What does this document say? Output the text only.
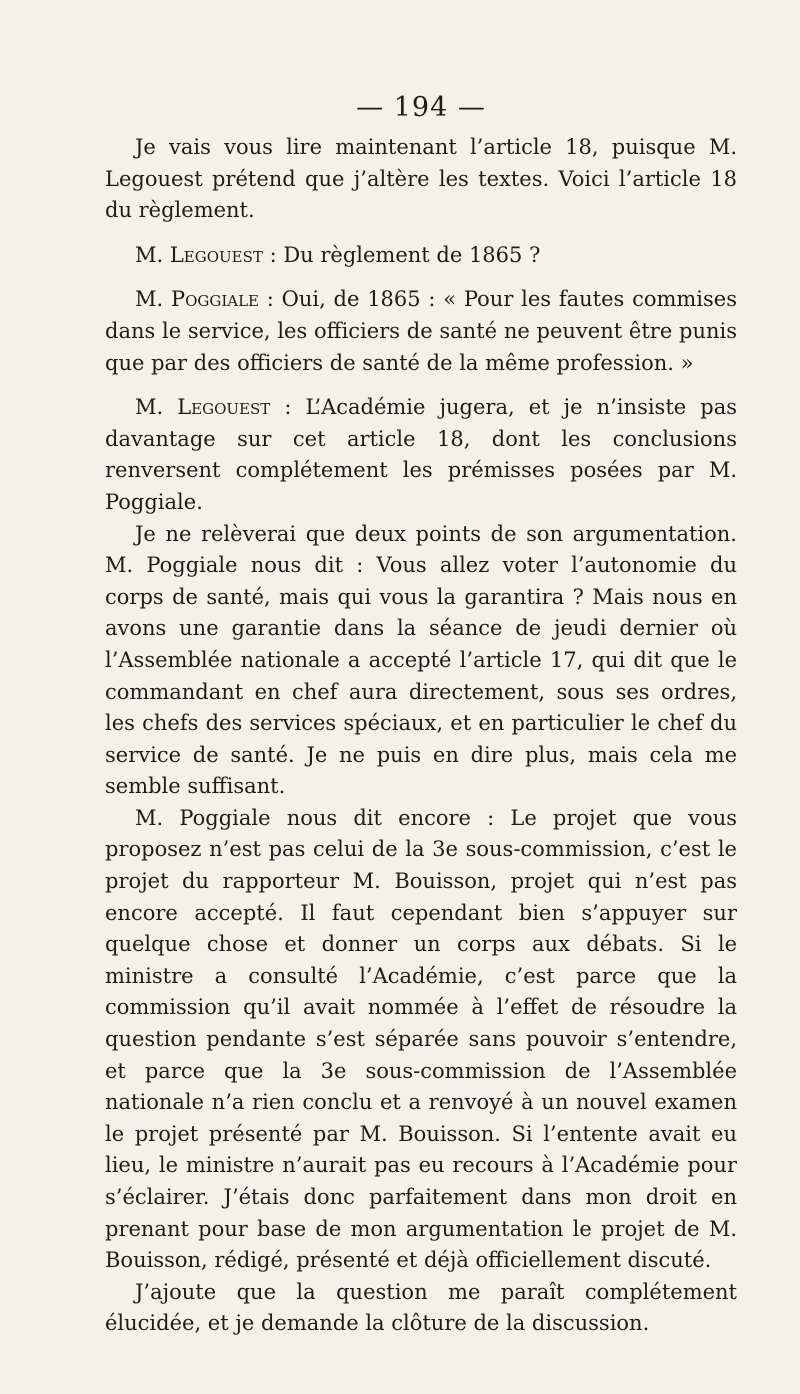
— 194 —

Je vais vous lire maintenant l’article 18, puisque M. Legouest prétend que j’altère les textes. Voici l’article 18 du règlement.

M. Legouest : Du règlement de 1865 ?

M. Poggiale : Oui, de 1865 : « Pour les fautes commises dans le service, les officiers de santé ne peuvent être punis que par des officiers de santé de la même profession. »

M. Legouest : L’Académie jugera, et je n’insiste pas davantage sur cet article 18, dont les conclusions renversent complétement les prémisses posées par M. Poggiale.

Je ne relèverai que deux points de son argumentation. M. Poggiale nous dit : Vous allez voter l’autonomie du corps de santé, mais qui vous la garantira ? Mais nous en avons une garantie dans la séance de jeudi dernier où l’Assemblée nationale a accepté l’article 17, qui dit que le commandant en chef aura directement, sous ses ordres, les chefs des services spéciaux, et en particulier le chef du service de santé. Je ne puis en dire plus, mais cela me semble suffisant.

M. Poggiale nous dit encore : Le projet que vous proposez n’est pas celui de la 3e sous-commission, c’est le projet du rapporteur M. Bouisson, projet qui n’est pas encore accepté. Il faut cependant bien s’appuyer sur quelque chose et donner un corps aux débats. Si le ministre a consulté l’Académie, c’est parce que la commission qu’il avait nommée à l’effet de résoudre la question pendante s’est séparée sans pouvoir s’entendre, et parce que la 3e sous-commission de l’Assemblée nationale n’a rien conclu et a renvoyé à un nouvel examen le projet présenté par M. Bouisson. Si l’entente avait eu lieu, le ministre n’aurait pas eu recours à l’Académie pour s’éclairer. J’étais donc parfaitement dans mon droit en prenant pour base de mon argumentation le projet de M. Bouisson, rédigé, présenté et déjà officiellement discuté.

J’ajoute que la question me paraît complétement élucidée, et je demande la clôture de la discussion.
